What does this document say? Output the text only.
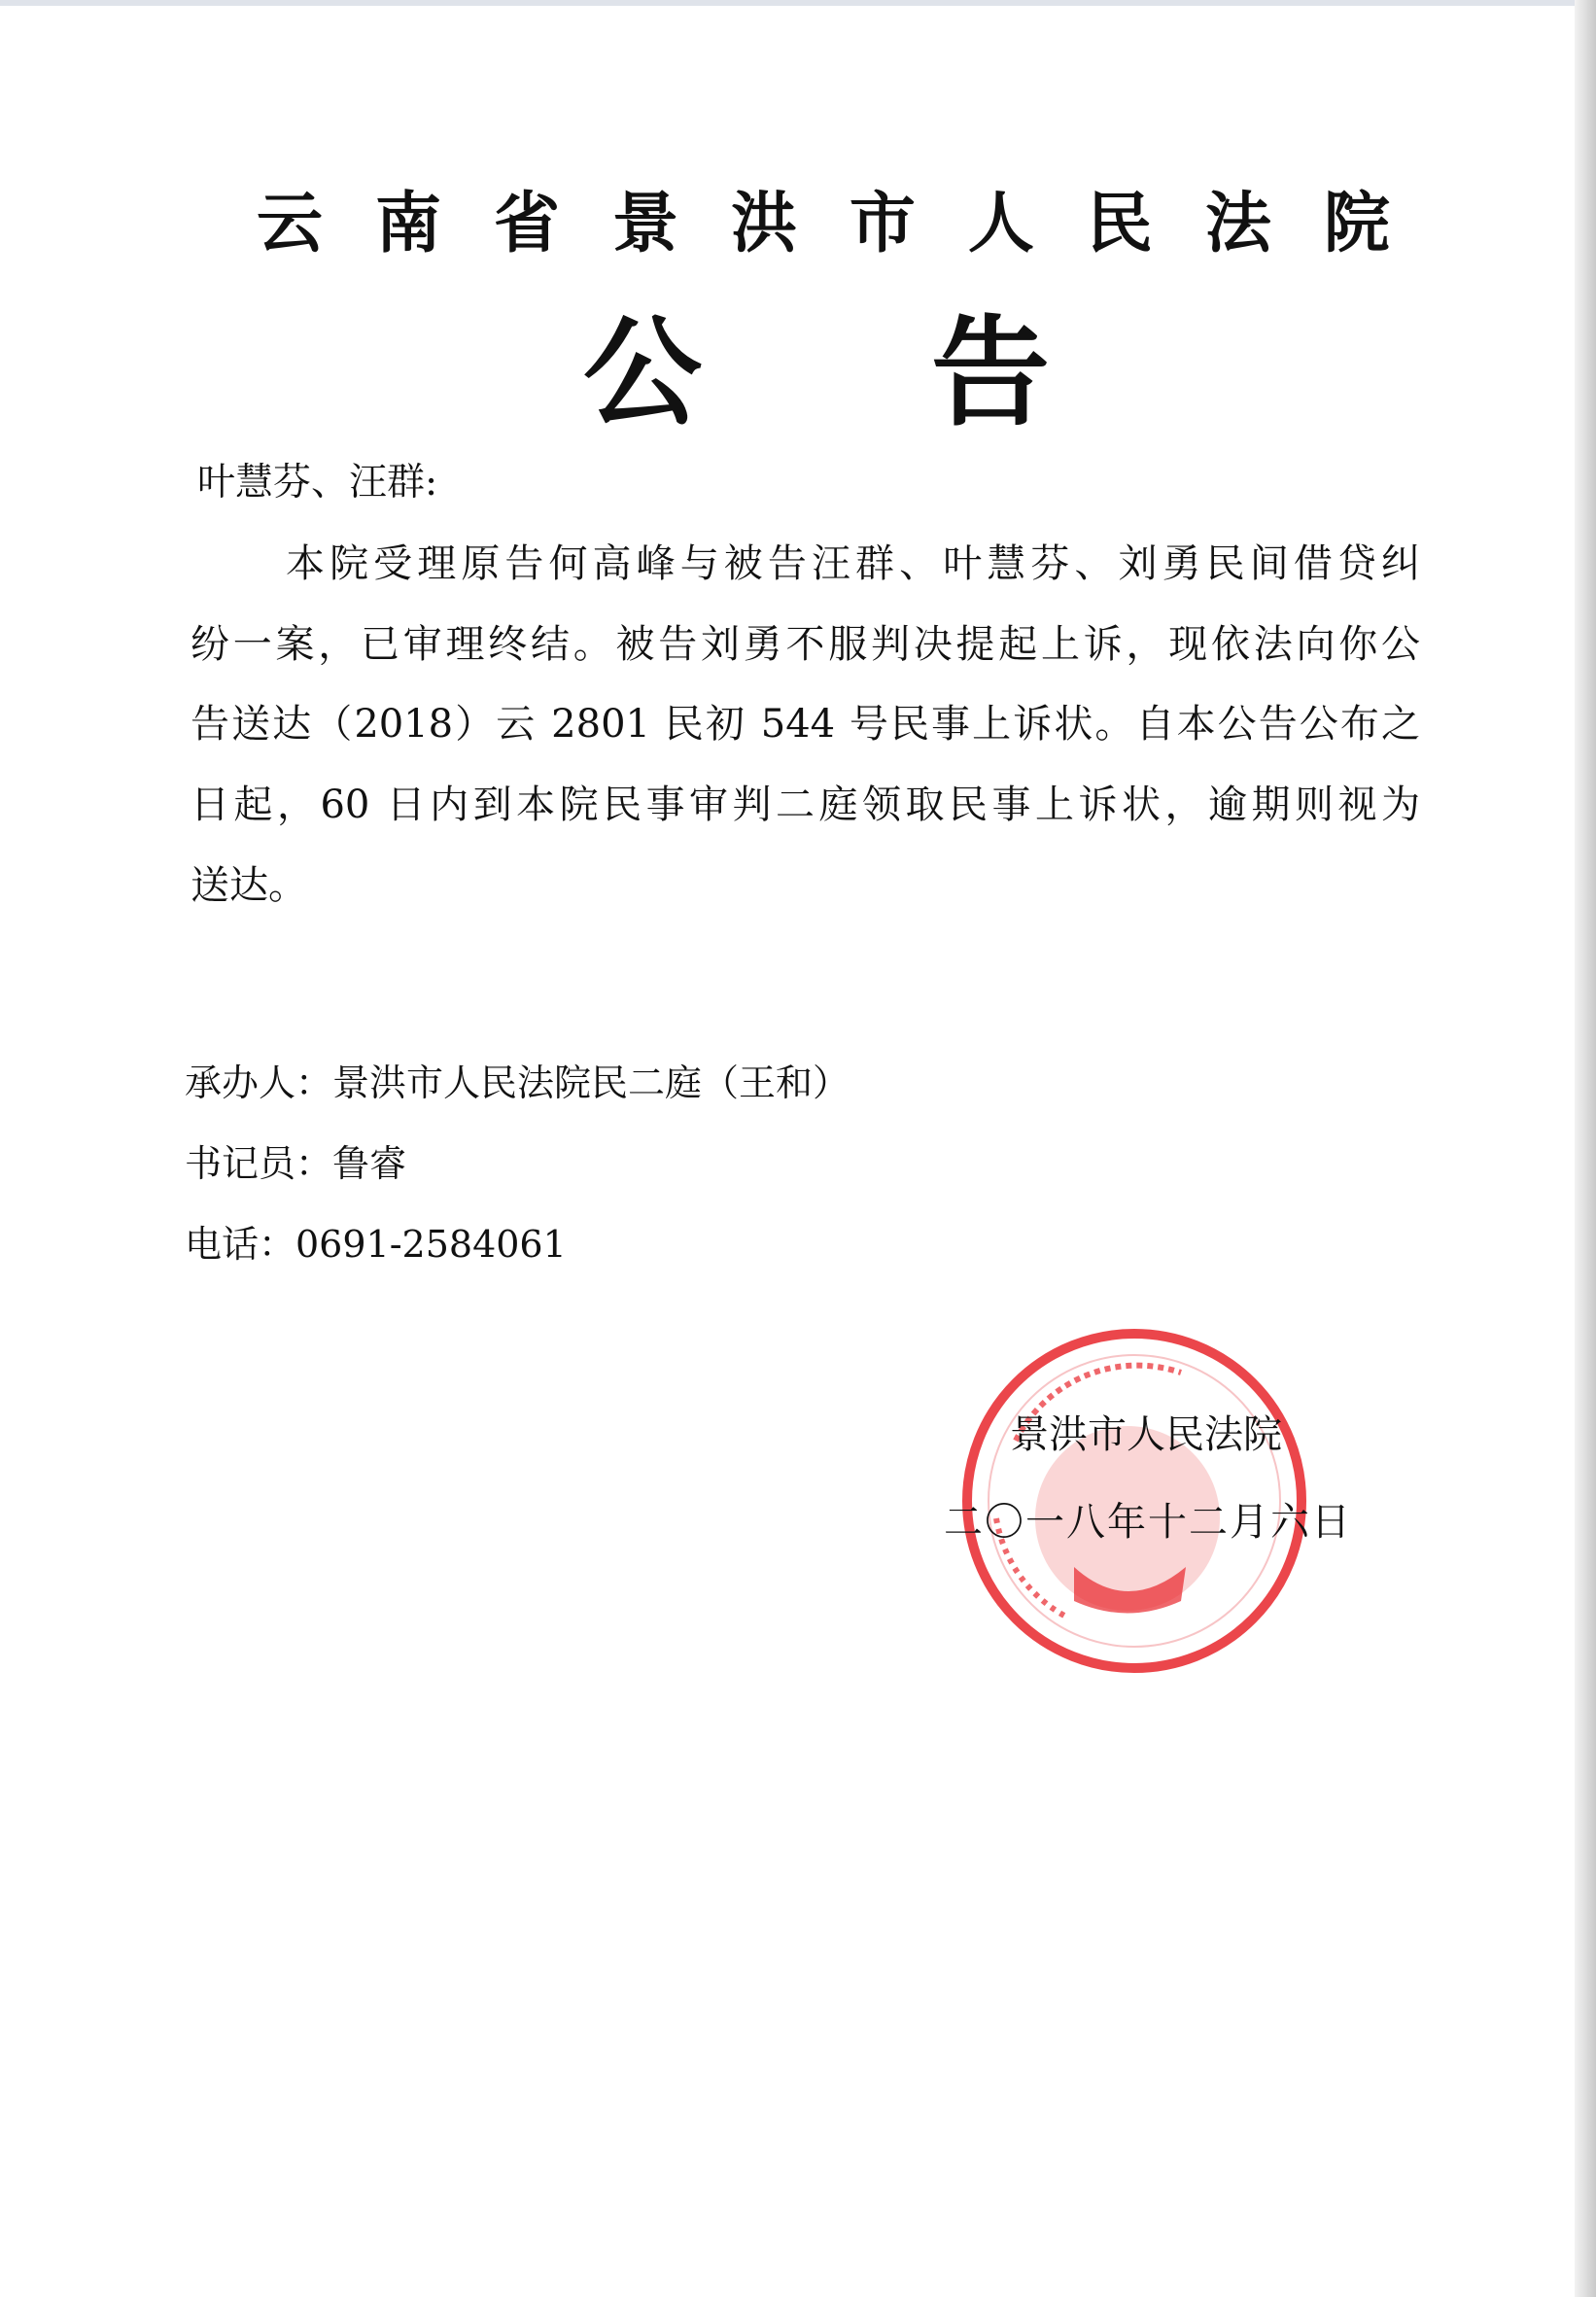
云 南 省 景 洪 市 人 民 法 院
公 告
叶慧芬、汪群:
本院受理原告何高峰与被告汪群、叶慧芬、刘勇民间借贷纠
纷一案，已审理终结。被告刘勇不服判决提起上诉，现依法向你公
告送达（2018）云 2801 民初 544 号民事上诉状。自本公告公布之
日起，60 日内到本院民事审判二庭领取民事上诉状，逾期则视为
送达。
承办人：景洪市人民法院民二庭（王和）
书记员：鲁睿
电话：0691-2584061
景洪市人民法院
二〇一八年十二月六日
